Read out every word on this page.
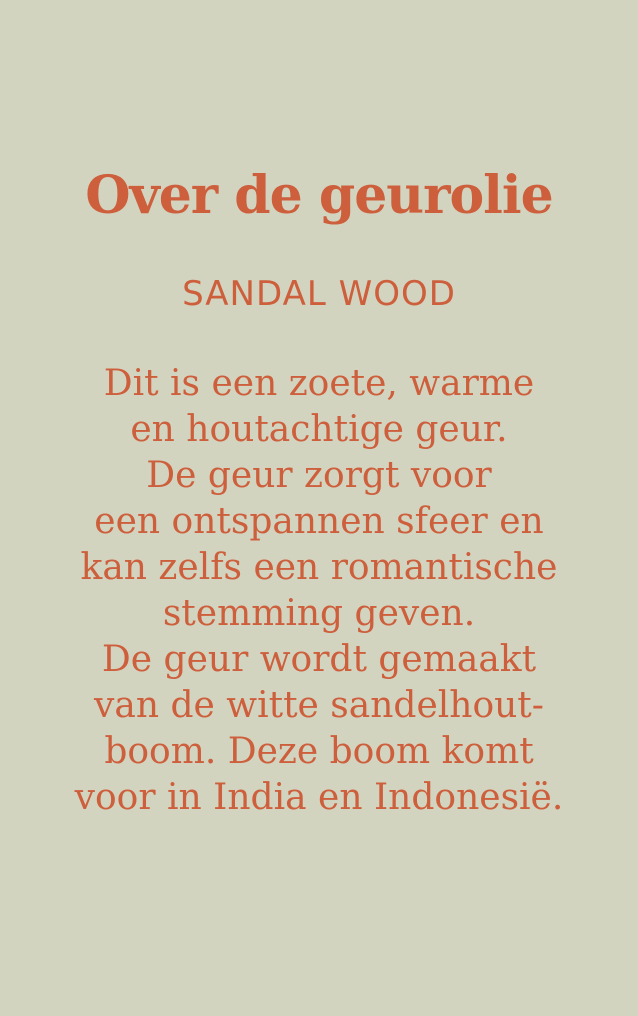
Over de geurolie
SANDAL WOOD

Dit is een zoete, warme
en houtachtige geur.
De geur zorgt voor
een ontspannen sfeer en
kan zelfs een romantische
stemming geven.
De geur wordt gemaakt
van de witte sandelhout-
boom. Deze boom komt
voor in India en Indonesië.
